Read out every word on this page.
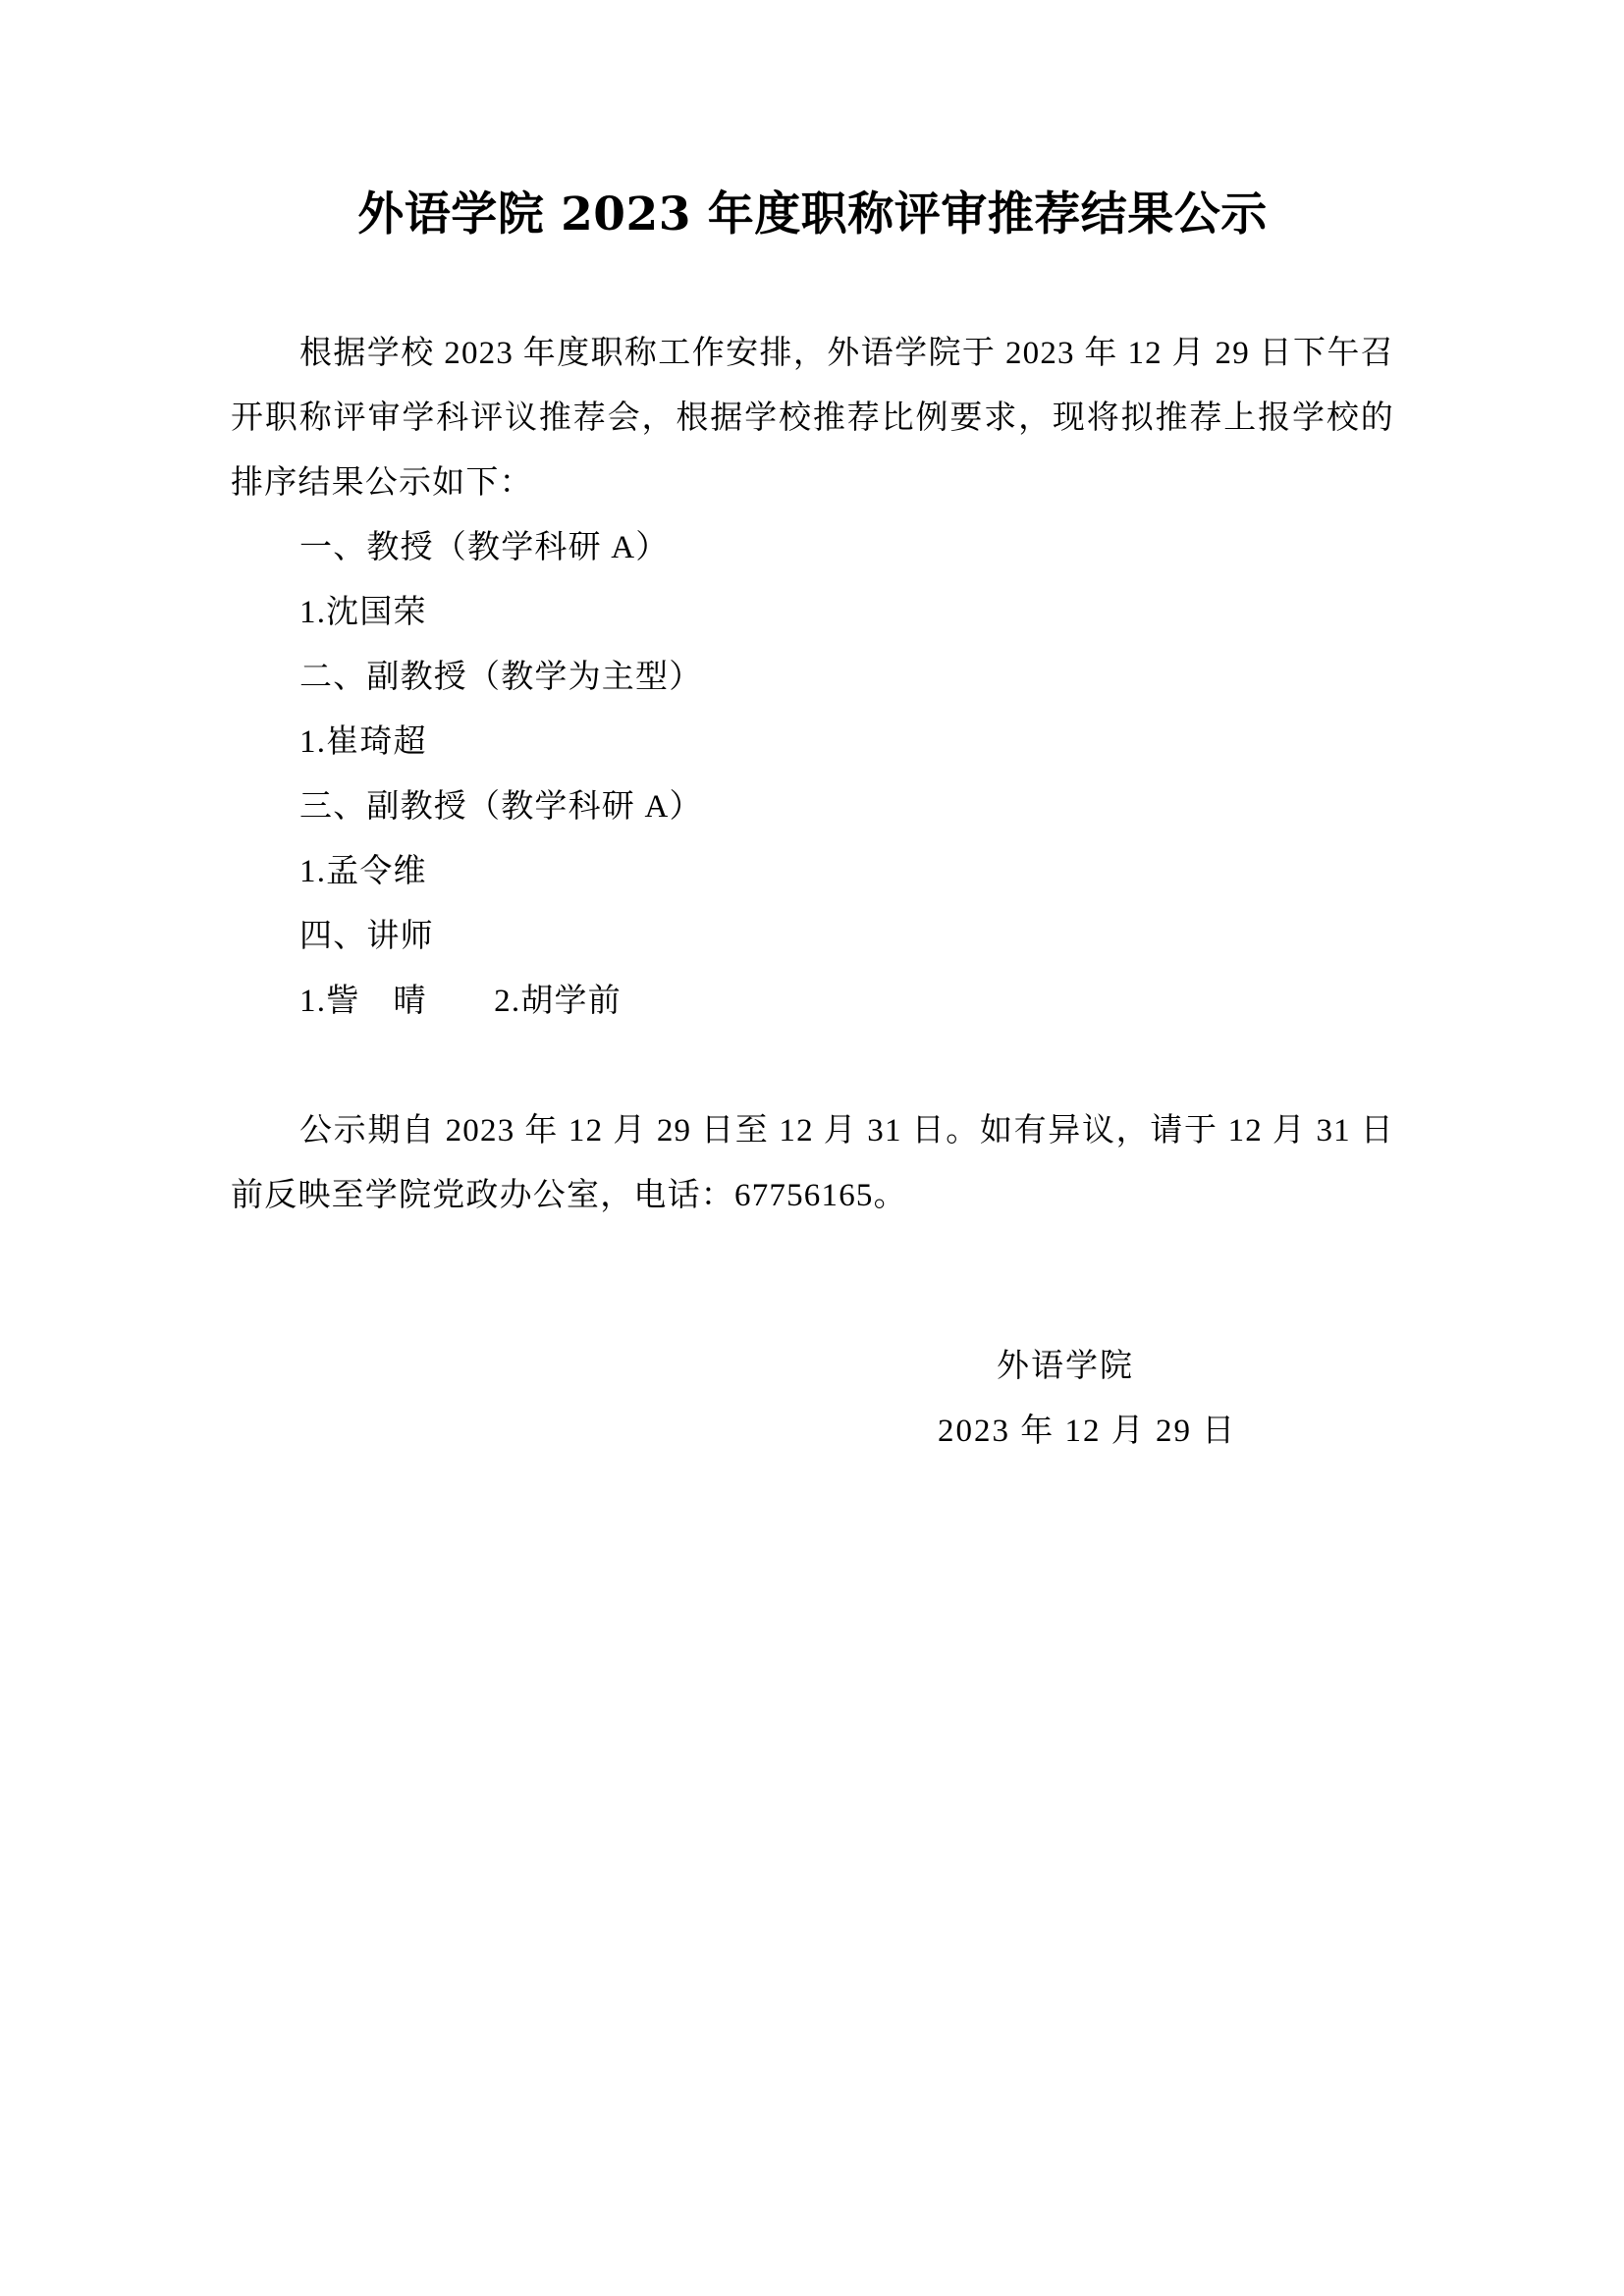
外语学院 2023 年度职称评审推荐结果公示

根据学校 2023 年度职称工作安排，外语学院于 2023 年 12 月 29 日下午召开职称评审学科评议推荐会，根据学校推荐比例要求，现将拟推荐上报学校的排序结果公示如下：

一、教授（教学科研 A）
1.沈国荣
二、副教授（教学为主型）
1.崔琦超
三、副教授（教学科研 A）
1.孟令维
四、讲师
1.訾　晴　　2.胡学前

公示期自 2023 年 12 月 29 日至 12 月 31 日。如有异议，请于 12 月 31 日前反映至学院党政办公室，电话：67756165。

外语学院
2023 年 12 月 29 日
